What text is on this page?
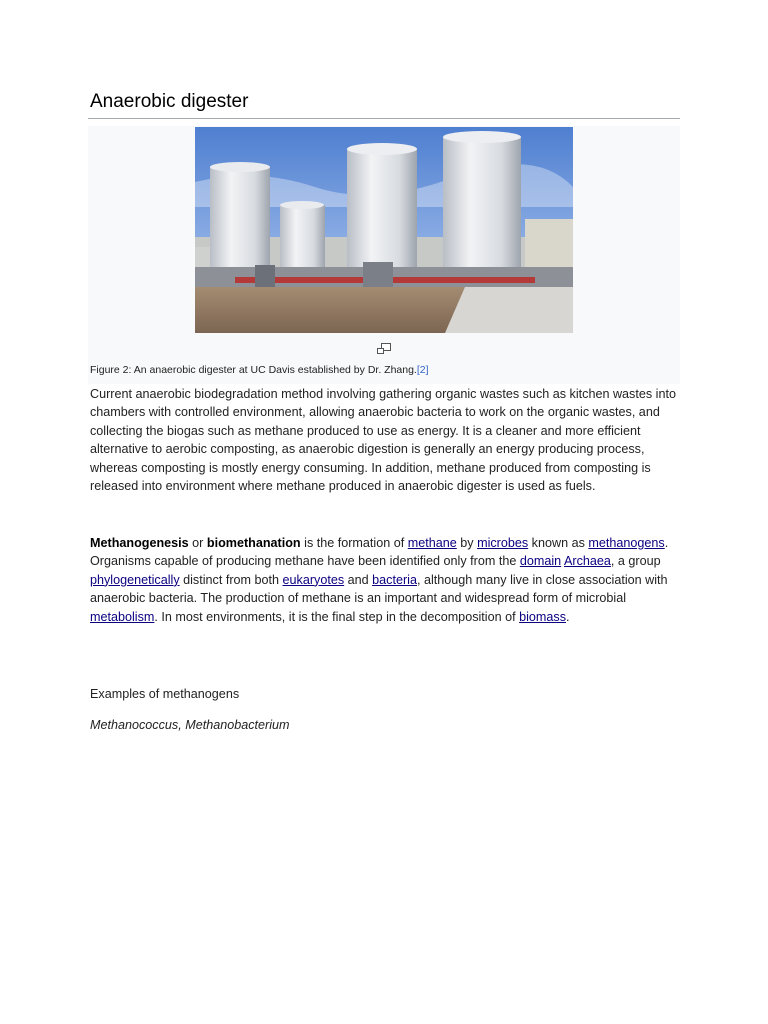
Anaerobic digester
Figure 2: An anaerobic digester at UC Davis established by Dr. Zhang.[2]

Current anaerobic biodegradation method involving gathering organic wastes such as kitchen wastes into chambers with controlled environment, allowing anaerobic bacteria to work on the organic wastes, and collecting the biogas such as methane produced to use as energy. It is a cleaner and more efficient alternative to aerobic composting, as anaerobic digestion is generally an energy producing process, whereas composting is mostly energy consuming. In addition, methane produced from composting is released into environment where methane produced in anaerobic digester is used as fuels.

Methanogenesis or biomethanation is the formation of methane by microbes known as methanogens. Organisms capable of producing methane have been identified only from the domain Archaea, a group phylogenetically distinct from both eukaryotes and bacteria, although many live in close association with anaerobic bacteria. The production of methane is an important and widespread form of microbial metabolism. In most environments, it is the final step in the decomposition of biomass.

Examples of methanogens

Methanococcus, Methanobacterium
